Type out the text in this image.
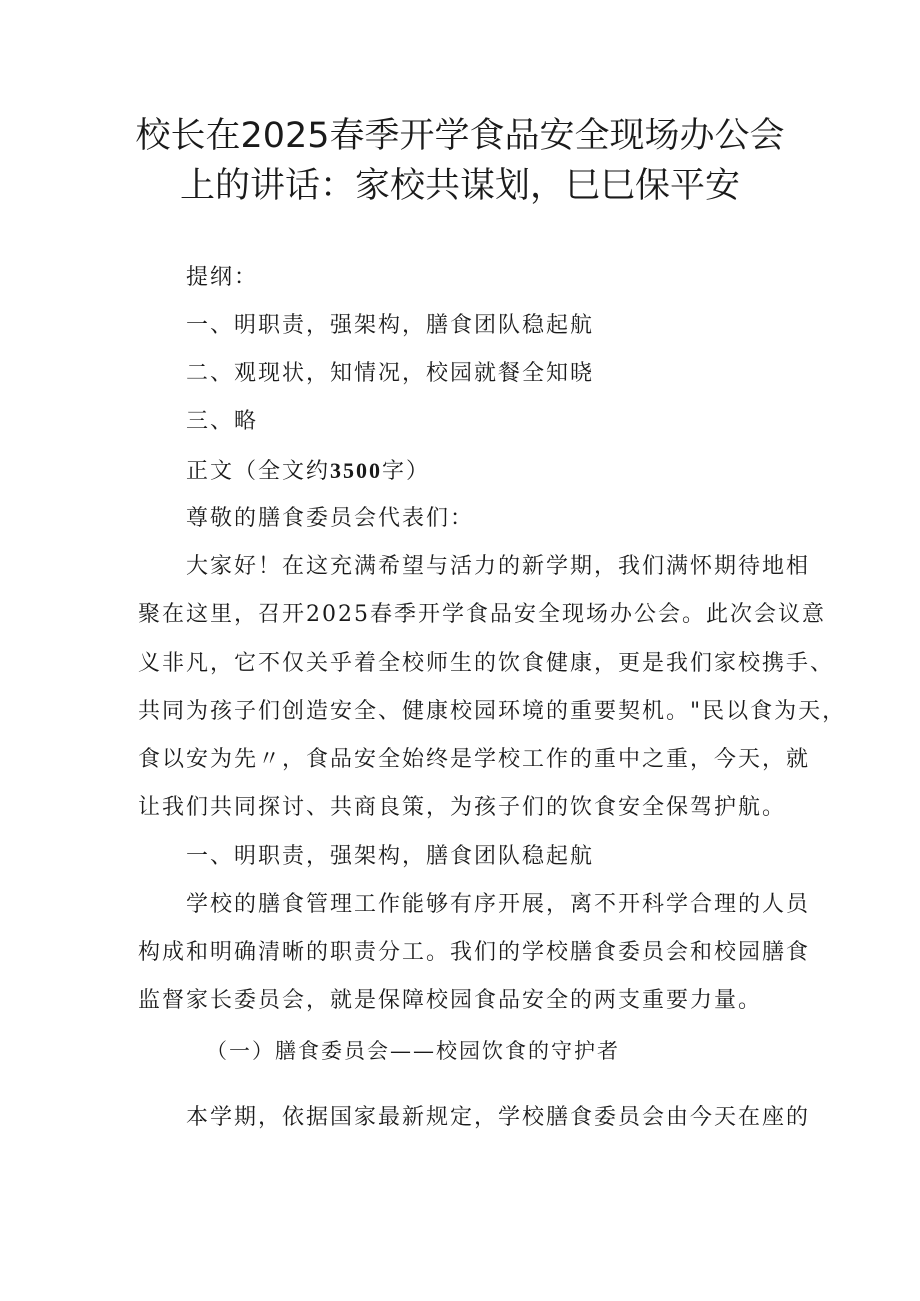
校长在2025春季开学食品安全现场办公会
上的讲话：家校共谋划，巳巳保平安
提纲：
一、明职责，强架构，膳食团队稳起航
二、观现状，知情况，校园就餐全知晓
三、略
正文（全文约3500字）
尊敬的膳食委员会代表们：
大家好！在这充满希望与活力的新学期，我们满怀期待地相
聚在这里，召开2025春季开学食品安全现场办公会。此次会议意
义非凡，它不仅关乎着全校师生的饮食健康，更是我们家校携手、
共同为孩子们创造安全、健康校园环境的重要契机。"民以食为天，
食以安为先〃，食品安全始终是学校工作的重中之重，今天，就
让我们共同探讨、共商良策，为孩子们的饮食安全保驾护航。
一、明职责，强架构，膳食团队稳起航
学校的膳食管理工作能够有序开展，离不开科学合理的人员
构成和明确清晰的职责分工。我们的学校膳食委员会和校园膳食
监督家长委员会，就是保障校园食品安全的两支重要力量。
（一）膳食委员会——校园饮食的守护者
本学期，依据国家最新规定，学校膳食委员会由今天在座的
